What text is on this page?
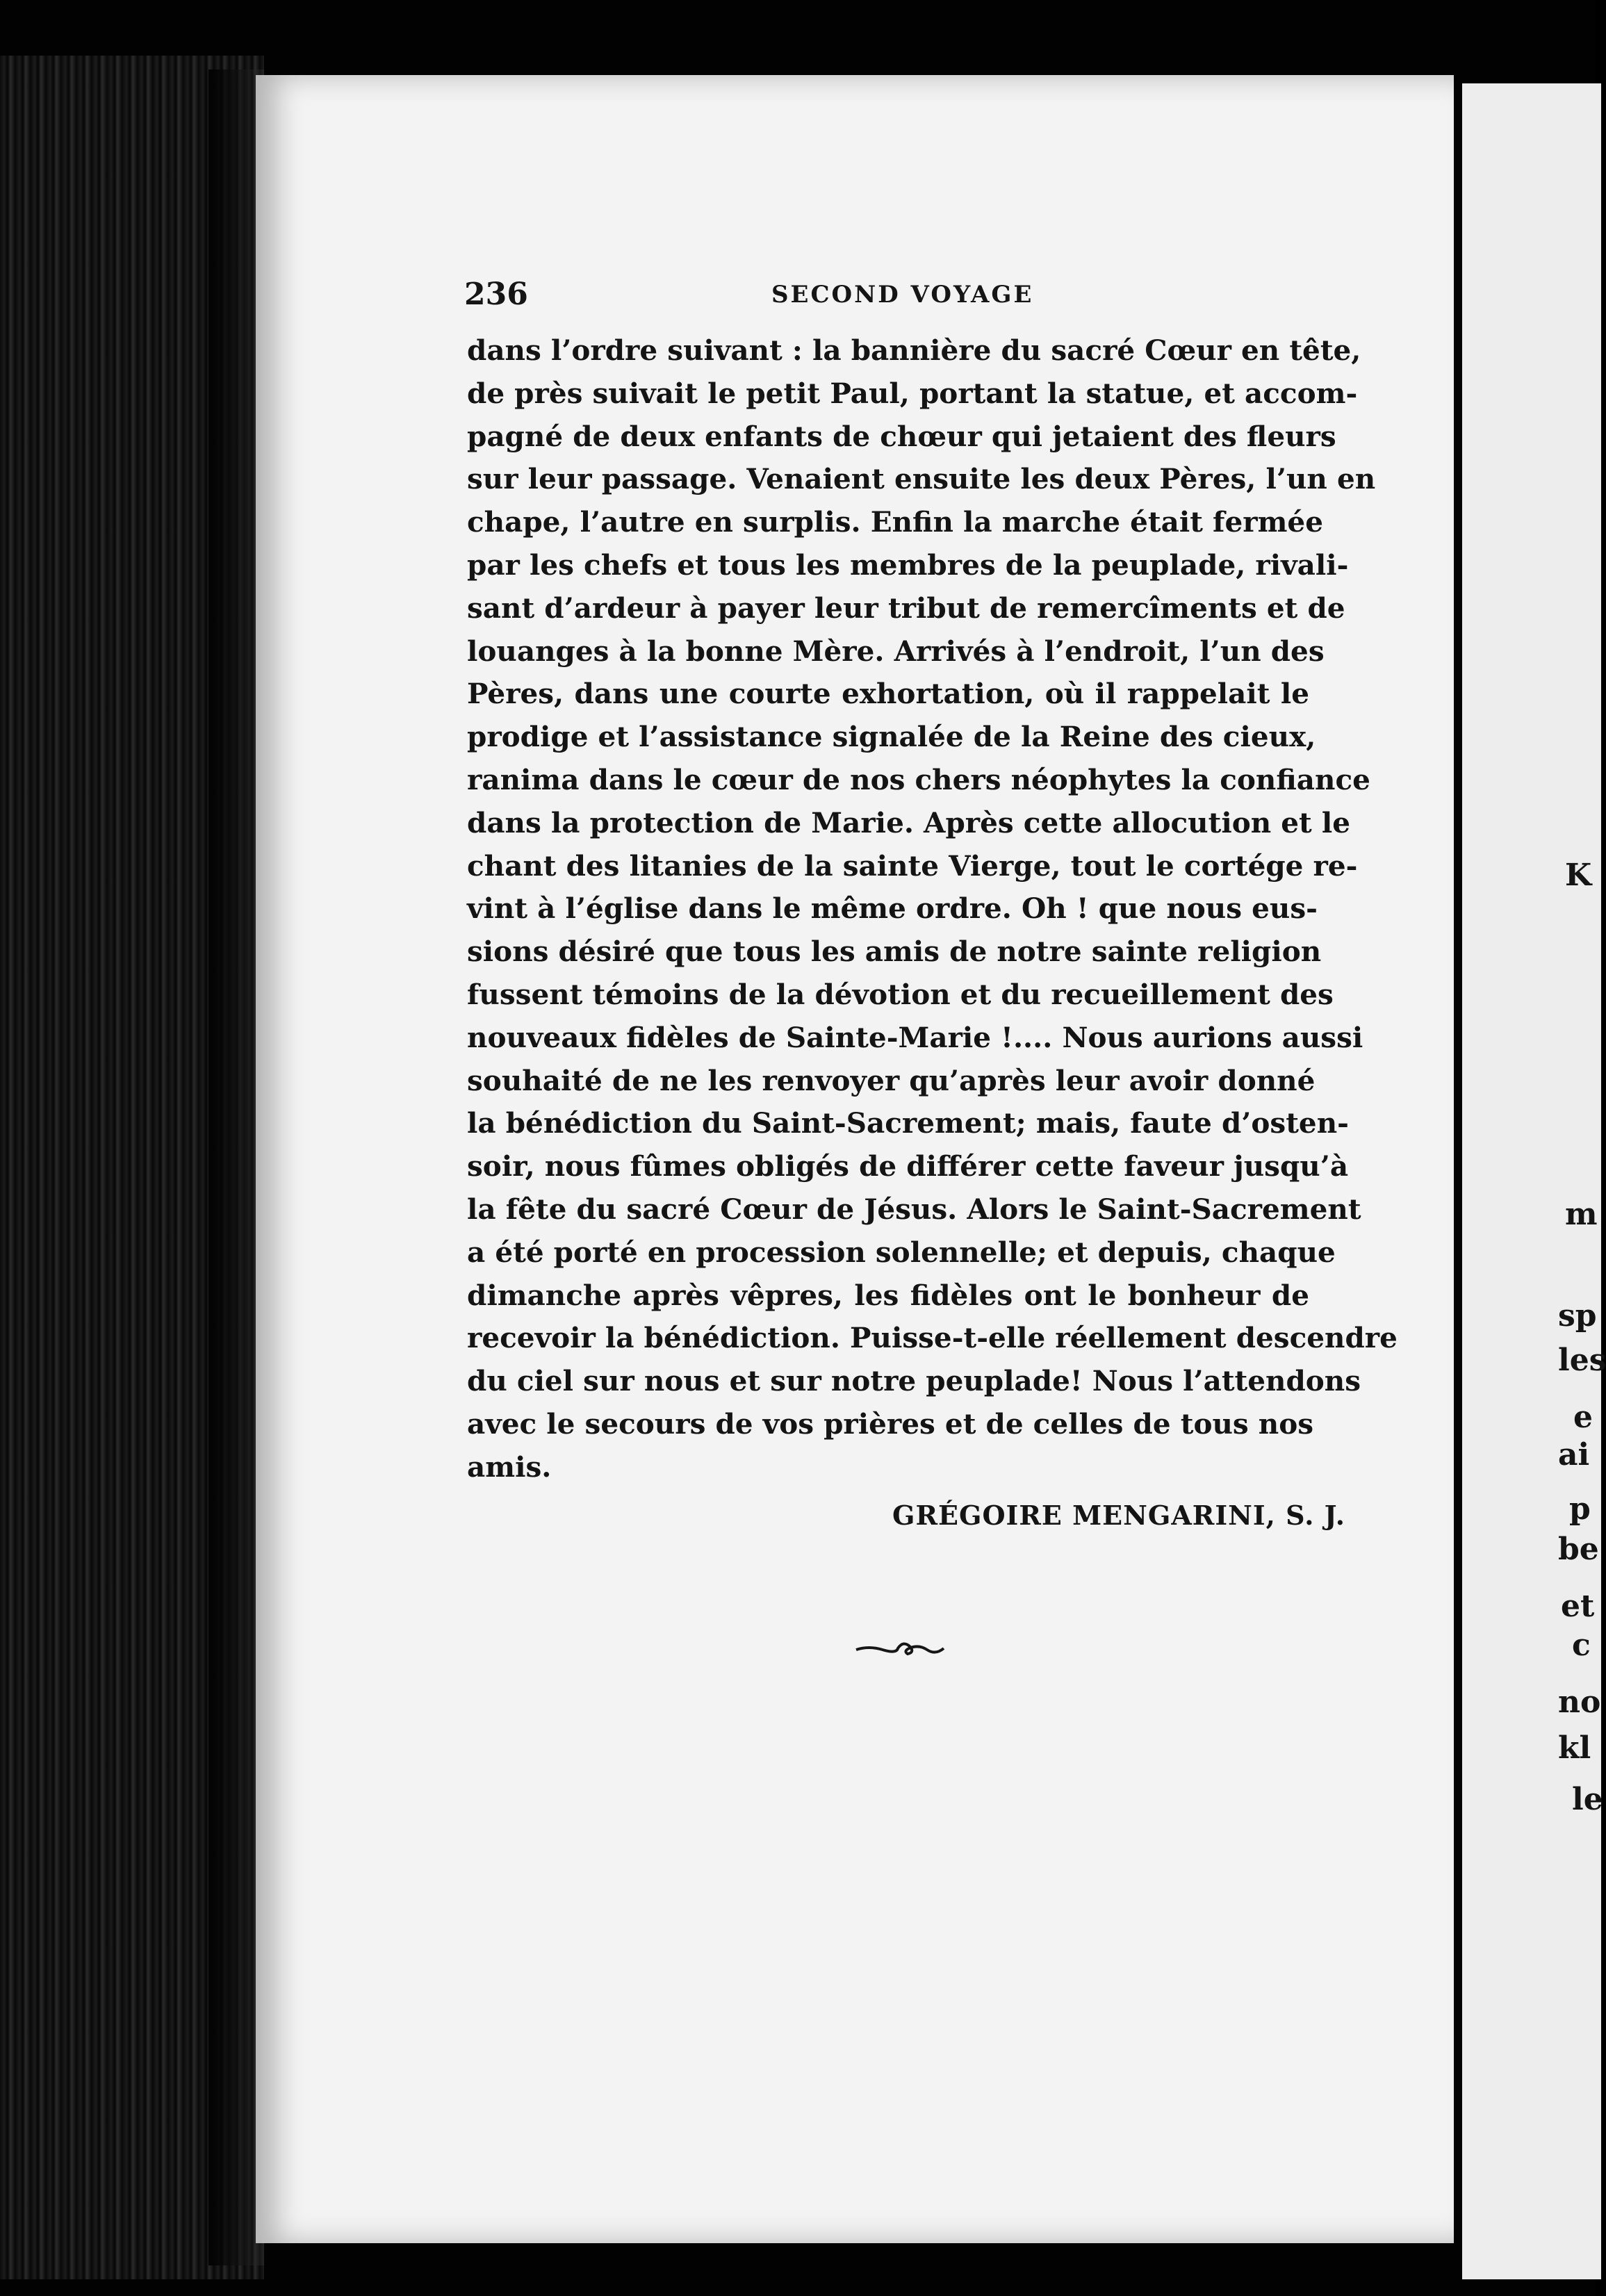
236	SECOND VOYAGE
dans l’ordre suivant : la bannière du sacré Cœur en tête,
de près suivait le petit Paul, portant la statue, et accom-
pagné de deux enfants de chœur qui jetaient des fleurs
sur leur passage. Venaient ensuite les deux Pères, l’un en
chape, l’autre en surplis. Enfin la marche était fermée
par les chefs et tous les membres de la peuplade, rivali-
sant d’ardeur à payer leur tribut de remercîments et de
louanges à la bonne Mère. Arrivés à l’endroit, l’un des
Pères, dans une courte exhortation, où il rappelait le
prodige et l’assistance signalée de la Reine des cieux,
ranima dans le cœur de nos chers néophytes la confiance
dans la protection de Marie. Après cette allocution et le
chant des litanies de la sainte Vierge, tout le cortége re-
vint à l’église dans le même ordre. Oh ! que nous eus-
sions désiré que tous les amis de notre sainte religion
fussent témoins de la dévotion et du recueillement des
nouveaux fidèles de Sainte-Marie !.... Nous aurions aussi
souhaité de ne les renvoyer qu’après leur avoir donné
la bénédiction du Saint-Sacrement; mais, faute d’osten-
soir, nous fûmes obligés de différer cette faveur jusqu’à
la fête du sacré Cœur de Jésus. Alors le Saint-Sacrement
a été porté en procession solennelle; et depuis, chaque
dimanche après vêpres, les fidèles ont le bonheur de
recevoir la bénédiction. Puisse-t-elle réellement descendre
du ciel sur nous et sur notre peuplade! Nous l’attendons
avec le secours de vos prières et de celles de tous nos
amis.
GRÉGOIRE MENGARINI, S. J.
K
m
sp
les
e
ai
p
be
et
c
no
kl
le
